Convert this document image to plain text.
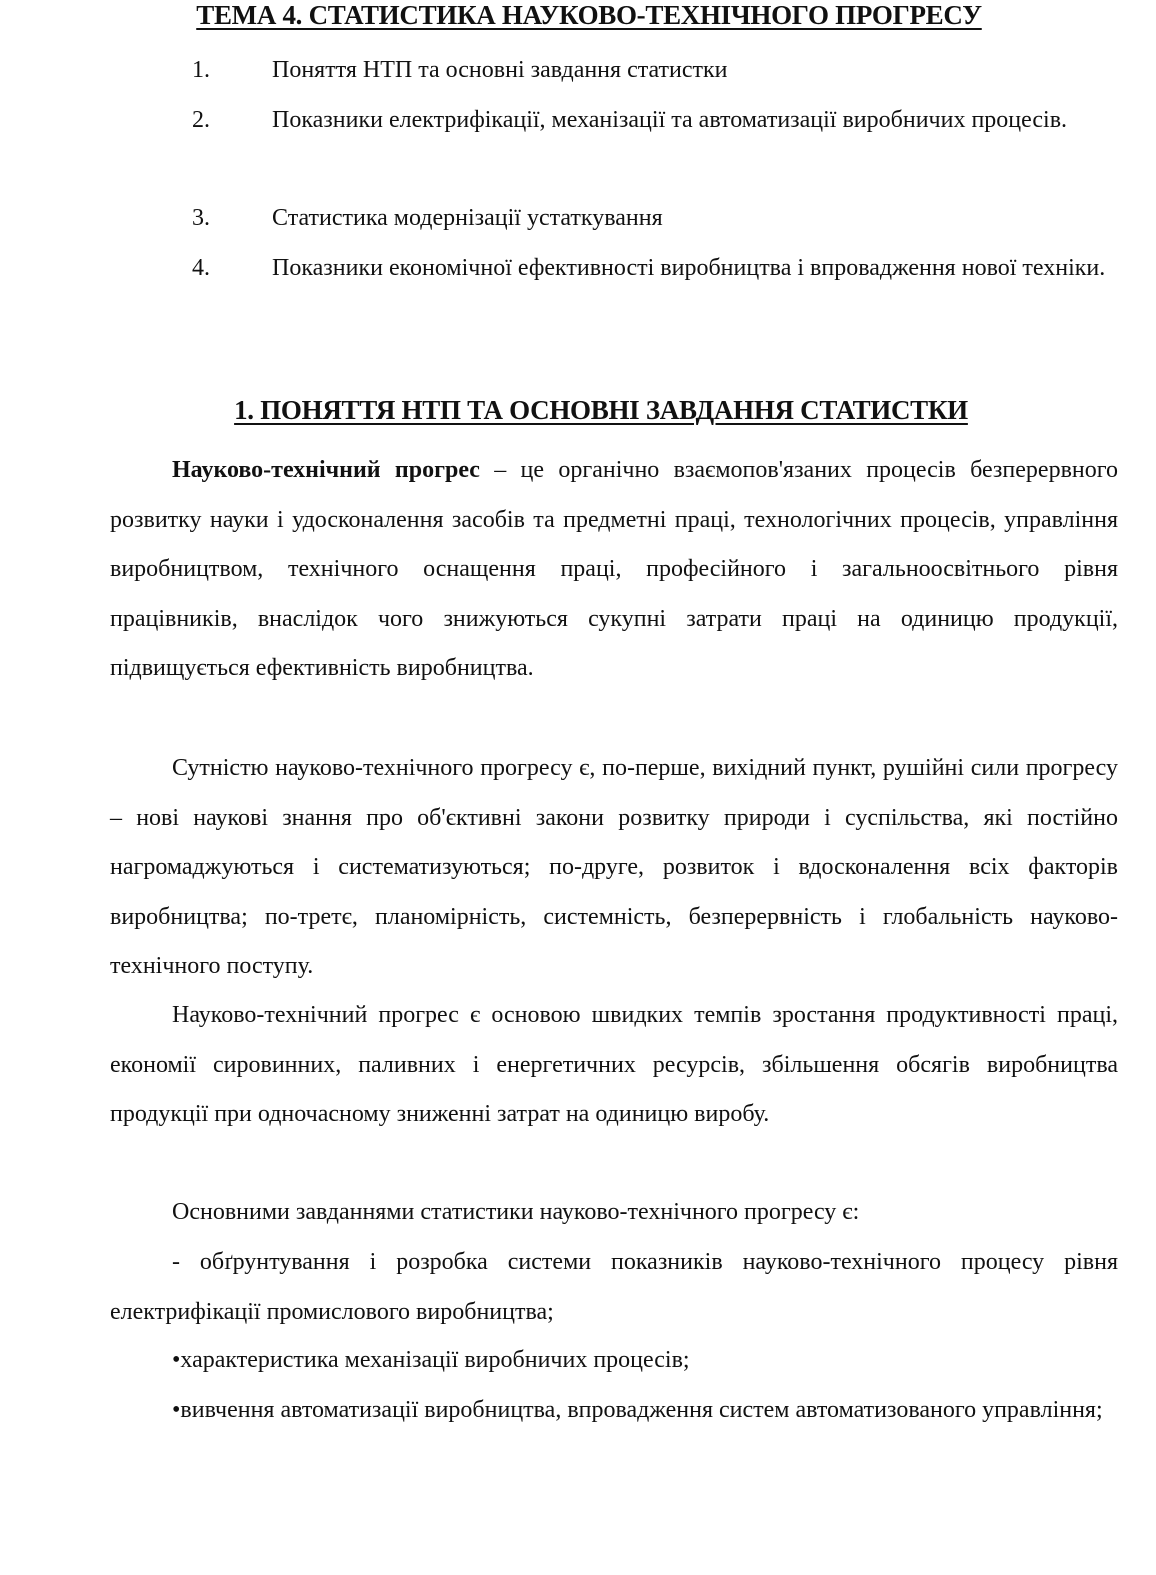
ТЕМА 4. СТАТИСТИКА НАУКОВО-ТЕХНІЧНОГО ПРОГРЕСУ

1.	Поняття НТП та основні завдання статистки

2.	Показники електрифікації, механізації та автоматизації виробничих процесів.

3.	Статистика модернізації устаткування

4.	Показники економічної ефективності виробництва і впровадження нової техніки.

1. ПОНЯТТЯ НТП ТА ОСНОВНІ ЗАВДАННЯ СТАТИСТКИ

Науково-технічний прогрес – це органічно взаємопов'язаних процесів безперервного розвитку науки і удосконалення засобів та предметні праці, технологічних процесів, управління виробництвом, технічного оснащення праці, професійного і загальноосвітнього рівня працівників, внаслідок чого знижуються сукупні затрати праці на одиницю продукції, підвищується ефективність виробництва.

Сутністю науково-технічного прогресу є, по-перше, вихідний пункт, рушійні сили прогресу – нові наукові знання про об'єктивні закони розвитку природи і суспільства, які постійно нагромаджуються і систематизуються; по-друге, розвиток і вдосконалення всіх факторів виробництва; по-третє, планомірність, системність, безперервність і глобальність науково-технічного поступу.

Науково-технічний прогрес є основою швидких темпів зростання продуктивності праці, економії сировинних, паливних і енергетичних ресурсів, збільшення обсягів виробництва продукції при одночасному зниженні затрат на одиницю виробу.

Основними завданнями статистики науково-технічного прогресу є:

- обґрунтування і розробка системи показників науково-технічного процесу рівня електрифікації промислового виробництва;

•характеристика механізації виробничих процесів;

•вивчення автоматизації виробництва, впровадження систем автоматизованого управління;
